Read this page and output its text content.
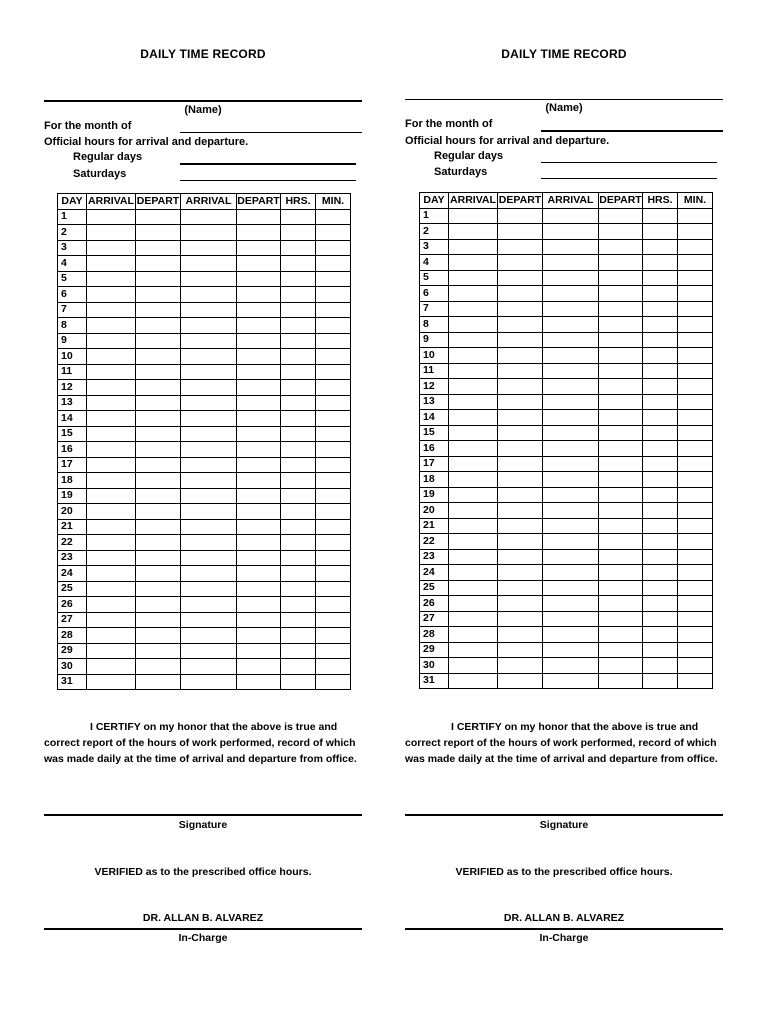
DAILY TIME RECORD
(Name)
For the month of
Official hours for arrival and departure.
Regular days
Saturdays
DAY	ARRIVAL	DEPART	ARRIVAL	DEPART	HRS.	MIN.
1						
2						
3						
4						
5						
6						
7						
8						
9						
10						
11						
12						
13						
14						
15						
16						
17						
18						
19						
20						
21						
22						
23						
24						
25						
26						
27						
28						
29						
30						
31						
I CERTIFY on my honor that the above is true and correct report of the hours of work performed, record of which was made daily at the time of arrival and departure from office.
Signature
VERIFIED as to the prescribed office hours.
DR. ALLAN B. ALVAREZ
In-Charge
DAILY TIME RECORD
(Name)
For the month of
Official hours for arrival and departure.
Regular days
Saturdays
DAY	ARRIVAL	DEPART	ARRIVAL	DEPART	HRS.	MIN.
1						
2						
3						
4						
5						
6						
7						
8						
9						
10						
11						
12						
13						
14						
15						
16						
17						
18						
19						
20						
21						
22						
23						
24						
25						
26						
27						
28						
29						
30						
31						
I CERTIFY on my honor that the above is true and correct report of the hours of work performed, record of which was made daily at the time of arrival and departure from office.
Signature
VERIFIED as to the prescribed office hours.
DR. ALLAN B. ALVAREZ
In-Charge
